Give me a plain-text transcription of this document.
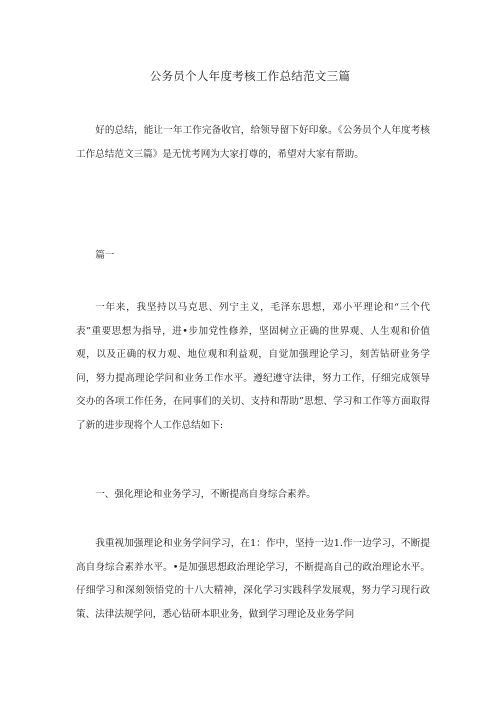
公务员个人年度考核工作总结范文三篇

好的总结，能让一年工作完备收官，给领导留下好印象。《公务员个人年度考核工作总结范文三篇》是无忧考网为大家打尊的，希望对大家有帮助。

篇一

一年来，我坚持以马克思、列宁主义，毛泽东思想，邓小平理论和“三个代表”重要思想为指导，进•步加党性修养，坚固树立正确的世界观、人生观和价值观，以及正确的权力观、地位观和利益观，自觉加强理论学习，刻苦钻研业务学问，努力提高理论学问和业务工作水平。遵纪遵守法律，努力工作，仔细完成领导交办的各项工作任务，在同事们的关切、支持和帮助”思想、学习和工作等方面取得了新的进步现将个人工作总结如下:

一、强化理论和业务学习，不断提高自身综合素养。

我重视加强理论和业务学问学习，在1：作中，坚持一边1.作一边学习，不断提高自身综合素养水平。•是加强思想政治理论学习，不断提高自己的政治理论水平。仔细学习和深刻领悟党的十八大精神，深化学习实践科学发展观，努力学习现行政策、法律法规学问，悉心钻研本职业务，做到学习理论及业务学问
